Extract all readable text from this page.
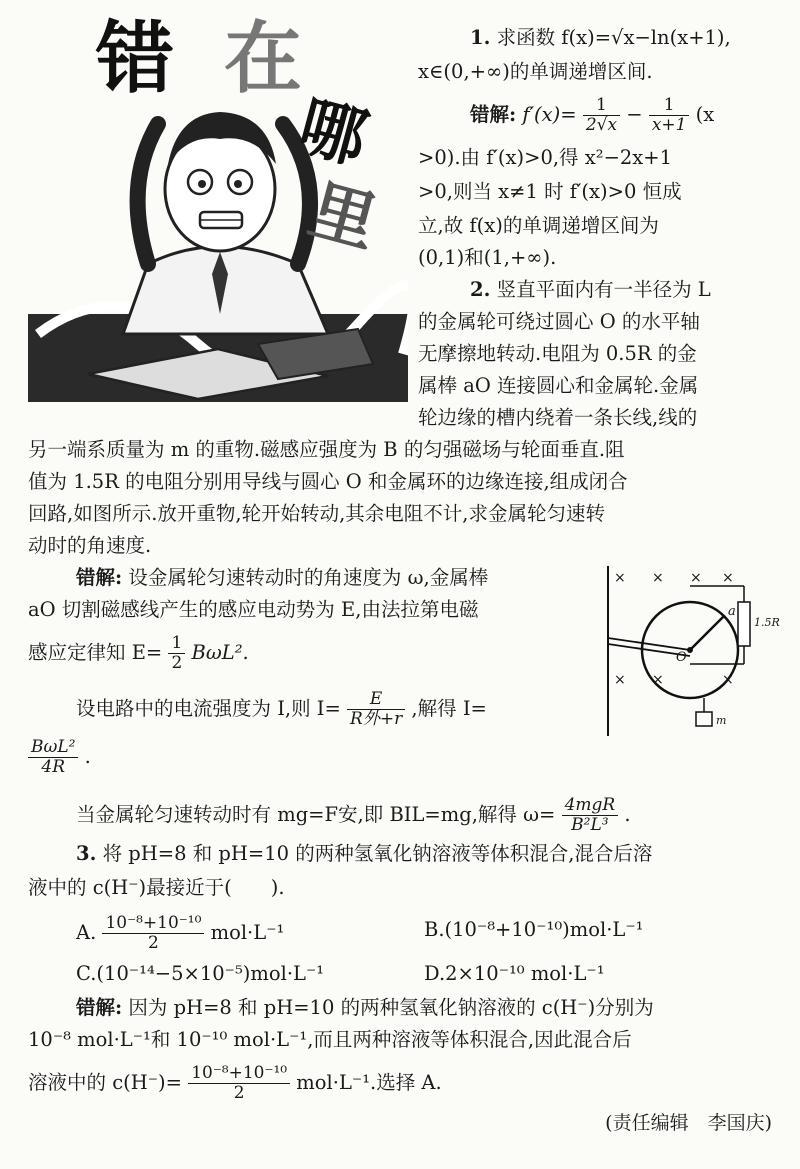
错 在
哪
里
1. 求函数 f(x)=√x−ln(x+1),
x∈(0,+∞)的单调递增区间.
错解: $f'(x)= \frac{1}{2√x} - \frac{1}{x+1} (x$
>0).由 f′(x)>0,得 x²−2x+1
>0,则当 x≠1 时 f′(x)>0 恒成
立,故 f(x)的单调递增区间为
(0,1)和(1,+∞).
2. 竖直平面内有一半径为 L
的金属轮可绕过圆心 O 的水平轴
无摩擦地转动.电阻为 0.5R 的金
属棒 aO 连接圆心和金属轮.金属
轮边缘的槽内绕着一条长线,线的
另一端系质量为 m 的重物.磁感应强度为 B 的匀强磁场与轮面垂直.阻
值为 1.5R 的电阻分别用导线与圆心 O 和金属环的边缘连接,组成闭合
回路,如图所示.放开重物,轮开始转动,其余电阻不计,求金属轮匀速转
动时的角速度.
错解: 设金属轮匀速转动时的角速度为 ω,金属棒
aO 切割磁感线产生的感应电动势为 E,由法拉第电磁
感应定律知 $E= \frac{1}{2} B\omega L^2$.
设电路中的电流强度为 I,则 $I= \frac{E}{\text{R外+r}}$ ,解得 I=
$\frac{\text{BωL²}}{4R}$ .
当金属轮匀速转动时有 mg=F安,即 BIL=mg,解得 $\omega= \frac{\text{4mgR}}{\text{B²L³}}$ .
× × × ×
× ×	×
a
O
1.5R
m
3. 将 pH=8 和 pH=10 的两种氢氧化钠溶液等体积混合,混合后溶
液中的 c(H⁻)最接近于(　　).
A. $\frac{\text{10⁻⁸+10⁻¹⁰}}{2} mol\cdot L^{-1}$	B.(10⁻⁸+10⁻¹⁰)mol·L⁻¹
C.(10⁻¹⁴−5×10⁻⁵)mol·L⁻¹	D.2×10⁻¹⁰ mol·L⁻¹
错解: 因为 pH=8 和 pH=10 的两种氢氧化钠溶液的 c(H⁻)分别为
10⁻⁸ mol·L⁻¹和 10⁻¹⁰ mol·L⁻¹,而且两种溶液等体积混合,因此混合后
溶液中的 $c(H^-)= \frac{\text{10⁻⁸+10⁻¹⁰}}{2} mol\cdot L^{-1}$.选择 A.
(责任编辑　李国庆)
